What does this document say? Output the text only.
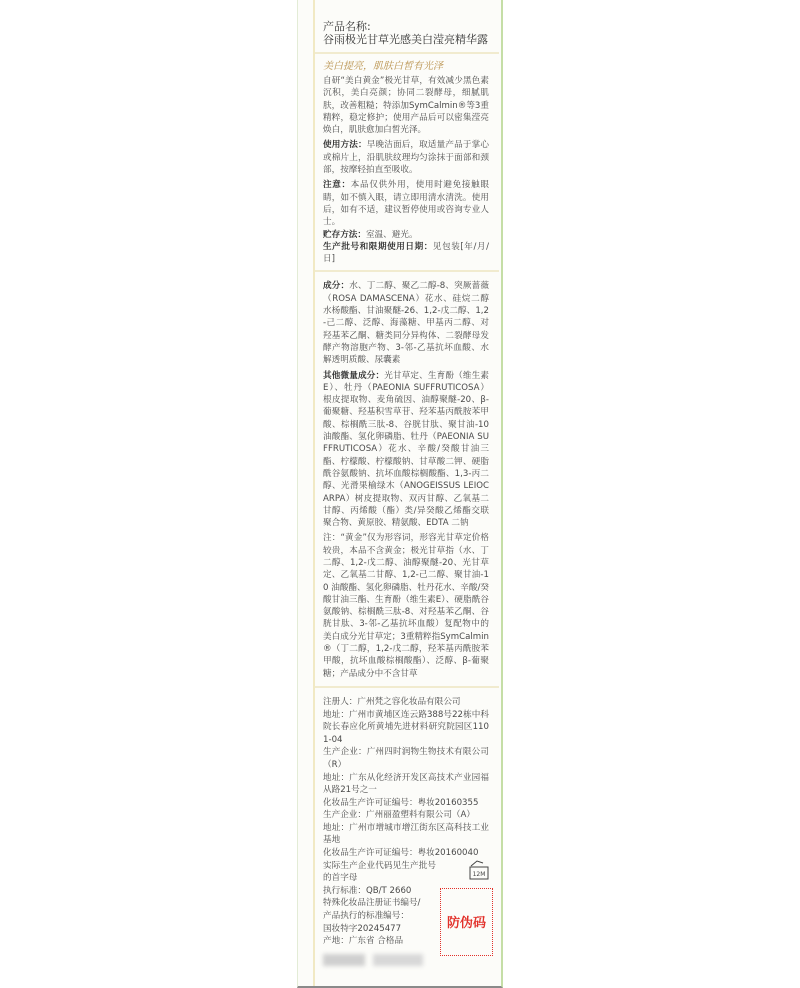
产品名称:
谷雨极光甘草光感美白滢亮精华露
美白提亮，肌肤白皙有光泽

自研“美白黄金”极光甘草，有效减少黑色素沉积，美白亮颜；协同二裂酵母，细腻肌肤，改善粗糙；特添加SymCalmin®等3重精粹，稳定修护；使用产品后可以密集滢亮焕白，肌肤愈加白皙光泽。

使用方法：早晚洁面后，取适量产品于掌心或棉片上，沿肌肤纹理均匀涂抹于面部和颈部，按摩轻拍直至吸收。

注意：本品仅供外用，使用时避免接触眼睛，如不慎入眼，请立即用清水清洗。使用后，如有不适，建议暂停使用或咨询专业人士。

贮存方法：室温、避光。

生产批号和限期使用日期：见包装[年/月/日]

成分：水、丁二醇、聚乙二醇-8、突厥蔷薇（ROSA DAMASCENA）花水、硅烷二醇水杨酸酯、甘油聚醚-26、1,2-戊二醇、1,2-己二醇、泛醇、海藻糖、甲基丙二醇、对羟基苯乙酮、糖类同分异构体、二裂酵母发酵产物溶胞产物、3-邻-乙基抗坏血酸、水解透明质酸、尿囊素

其他微量成分：光甘草定、生育酚（维生素E）、牡丹（PAEONIA SUFFRUTICOSA）根皮提取物、麦角硫因、油醇聚醚-20、β-葡聚糖、羟基积雪草苷、羟苯基丙酰胺苯甲酸、棕榈酰三肽-8、谷胱甘肽、聚甘油-10 油酸酯、氢化卵磷脂、牡丹（PAEONIA SUFFRUTICOSA）花水、辛酸/癸酸甘油三酯、柠檬酸、柠檬酸钠、甘草酸二钾、硬脂酰谷氨酸钠、抗坏血酸棕榈酸酯、1,3-丙二醇、光滑果榆绿木（ANOGEISSUS LEIOCARPA）树皮提取物、双丙甘醇、乙氧基二甘醇、丙烯酸（酯）类/异癸酸乙烯酯交联聚合物、黄原胶、精氨酸、EDTA 二钠

注：“黄金”仅为形容词，形容光甘草定价格较贵，本品不含黄金；极光甘草指（水、丁二醇、1,2-戊二醇、油醇聚醚-20、光甘草定、乙氧基二甘醇、1,2-己二醇、聚甘油-10 油酸酯、氢化卵磷脂、牡丹花水、辛酸/癸酸甘油三酯、生育酚（维生素E）、硬脂酰谷氨酸钠、棕榈酰三肽-8、对羟基苯乙酮、谷胱甘肽、3-邻-乙基抗坏血酸）复配物中的美白成分光甘草定；3重精粹指SymCalmin®（丁二醇，1,2-戊二醇，羟苯基丙酰胺苯甲酸，抗坏血酸棕榈酸酯）、泛醇、β-葡聚糖；产品成分中不含甘草

注册人：广州梵之容化妆品有限公司

地址：广州市黄埔区连云路388号22栋中科院长春应化所黄埔先进材料研究院园区1101-04

生产企业：广州四时润物生物技术有限公司（R）

地址：广东从化经济开发区高技术产业园福从路21号之一

化妆品生产许可证编号：粤妆20160355

生产企业：广州丽盈塑料有限公司（A）

地址：广州市增城市增江街东区高科技工业基地

化妆品生产许可证编号：粤妆20160040

12M
防伪码

实际生产企业代码见生产批号的首字母

执行标准：QB/T 2660

特殊化妆品注册证书编号/

产品执行的标准编号：

国妆特字20245477

产地：广东省 合格品
